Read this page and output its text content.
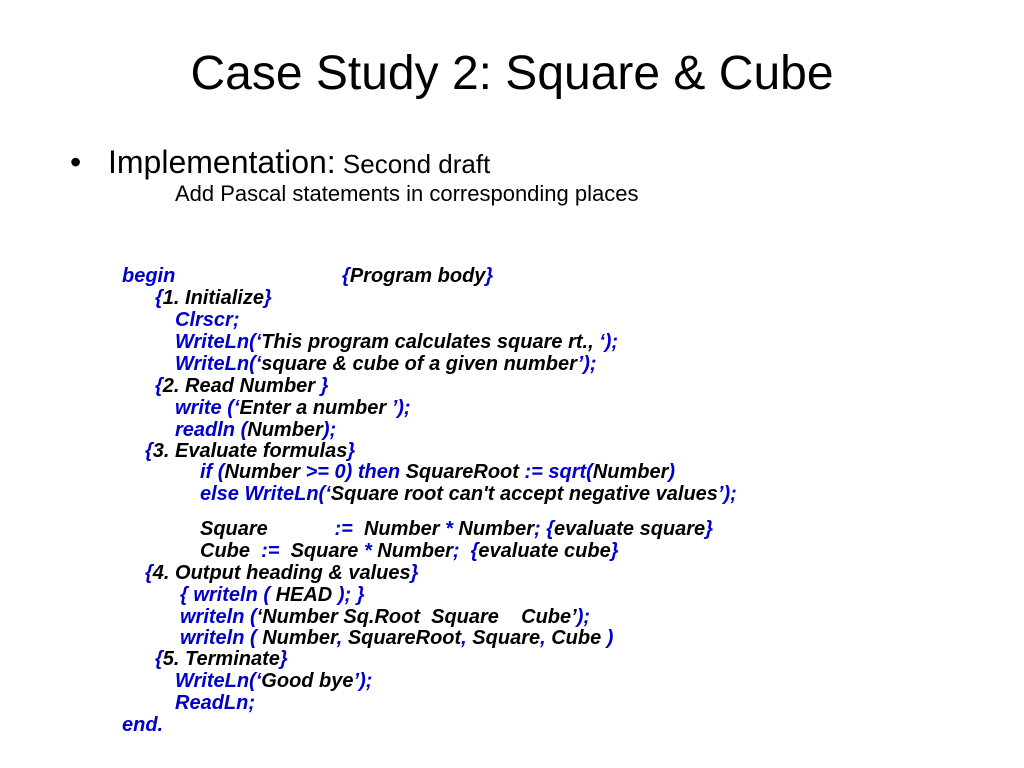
Case Study 2: Square & Cube
• Implementation: Second draft
Add Pascal statements in corresponding places
begin	{Program body}
{1. Initialize}
Clrscr;
WriteLn(‘This program calculates square rt., ‘);
WriteLn(‘square & cube of a given number’);
{2. Read Number }
write (‘Enter a number ’);
readln (Number);
{3. Evaluate formulas}
if (Number >= 0) then SquareRoot := sqrt(Number)
else WriteLn(‘Square root can't accept negative values’);
Square            :=  Number * Number; {evaluate square}
Cube  :=  Square * Number;  {evaluate cube}
{4. Output heading & values}
{ writeln ( HEAD ); }
writeln (‘Number Sq.Root  Square    Cube’);
writeln ( Number, SquareRoot, Square, Cube )
{5. Terminate}
WriteLn(‘Good bye’);
ReadLn;
end.
